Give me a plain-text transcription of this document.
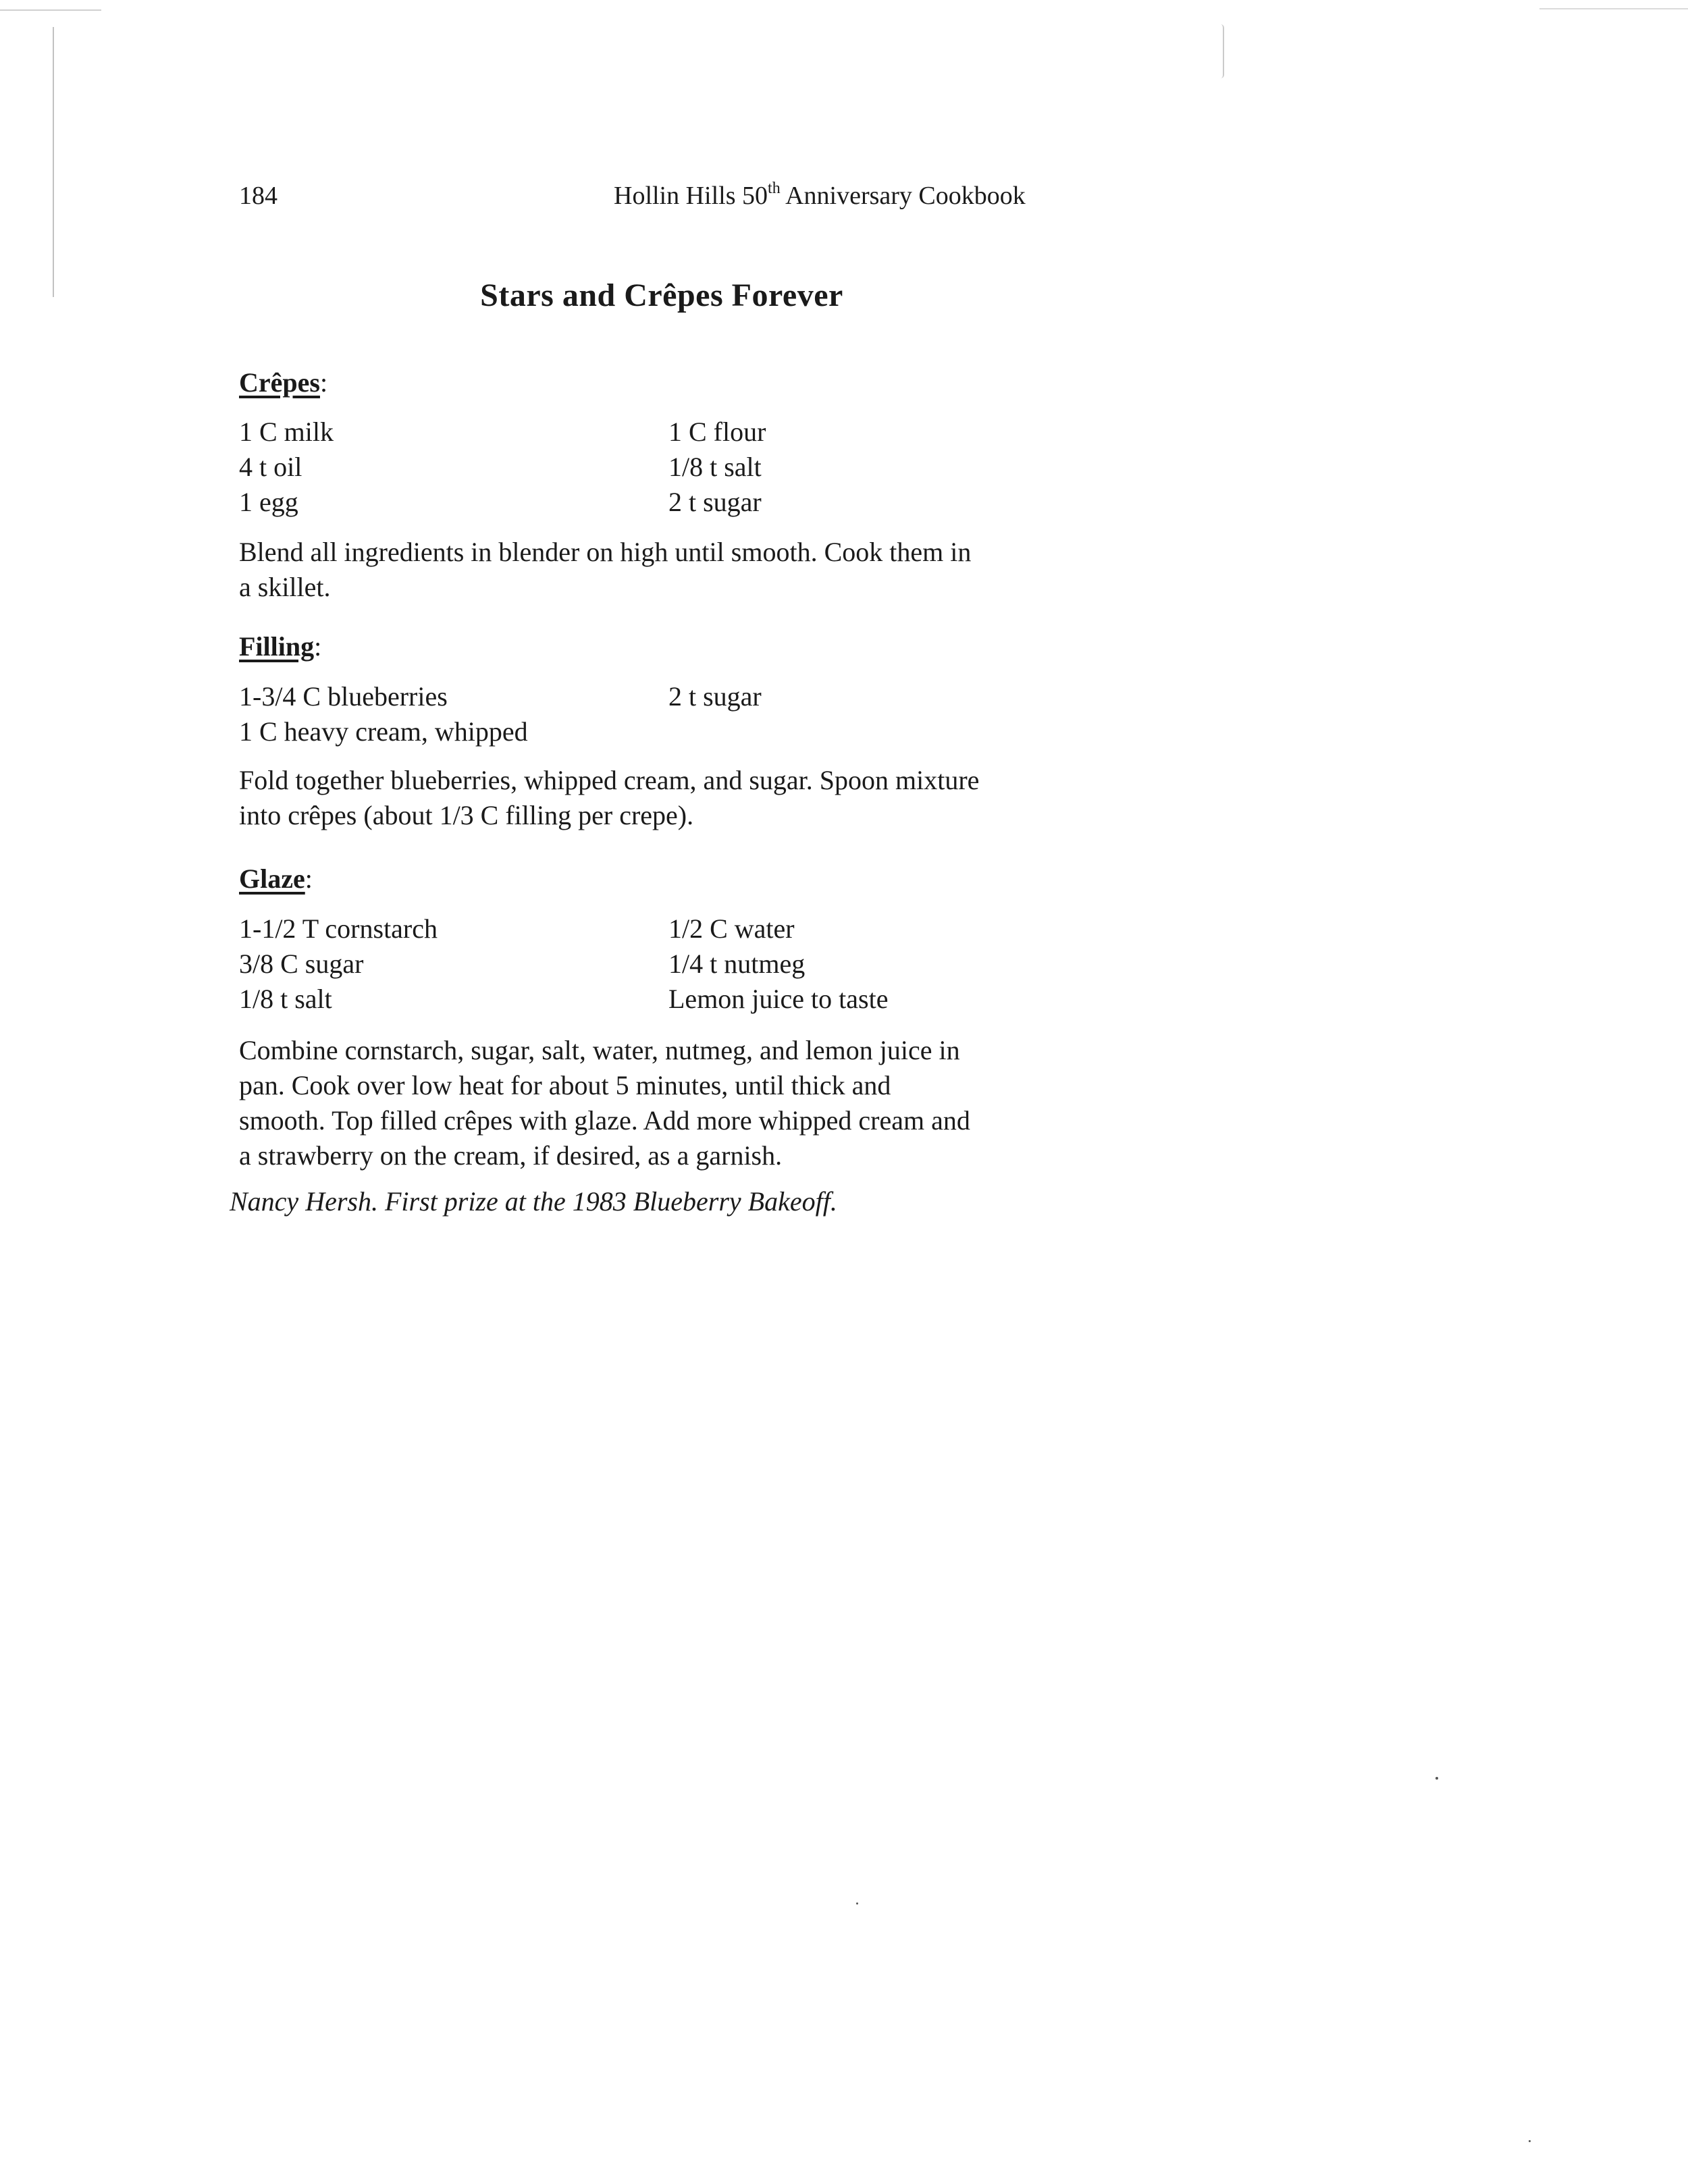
184	Hollin Hills 50th Anniversary Cookbook
Stars and Crêpes Forever
Crêpes:
1 C milk	1 C flour
4 t oil	1/8 t salt
1 egg	2 t sugar
Blend all ingredients in blender on high until smooth. Cook them in
a skillet.
Filling:
1-3/4 C blueberries	2 t sugar
1 C heavy cream, whipped
Fold together blueberries, whipped cream, and sugar. Spoon mixture
into crêpes (about 1/3 C filling per crepe).
Glaze:
1-1/2 T cornstarch	1/2 C water
3/8 C sugar	1/4 t nutmeg
1/8 t salt	Lemon juice to taste
Combine cornstarch, sugar, salt, water, nutmeg, and lemon juice in
pan. Cook over low heat for about 5 minutes, until thick and
smooth. Top filled crêpes with glaze. Add more whipped cream and
a strawberry on the cream, if desired, as a garnish.
Nancy Hersh. First prize at the 1983 Blueberry Bakeoff.
